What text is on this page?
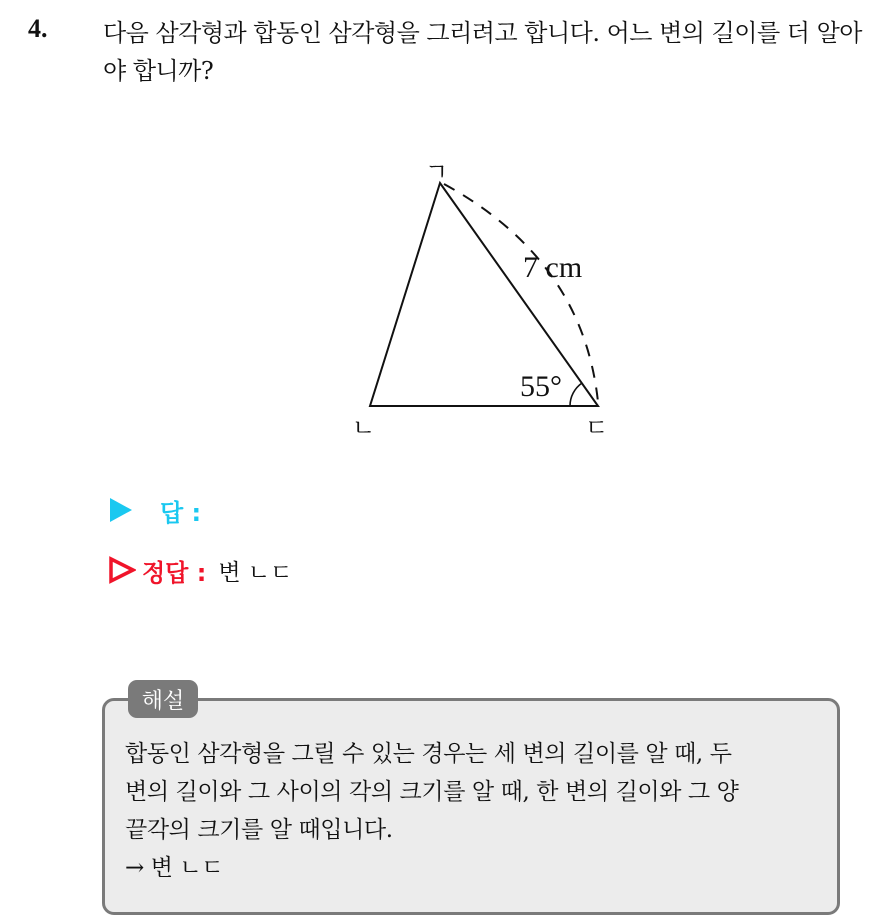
4. 다음 삼각형과 합동인 삼각형을 그리려고 합니다. 어느 변의 길이를 더 알아야 합니까?
ㄱ
ㄴ	ㄷ
7 cm
55°
답 :
정답 : 변 ㄴㄷ
해설
합동인 삼각형을 그릴 수 있는 경우는 세 변의 길이를 알 때, 두
변의 길이와 그 사이의 각의 크기를 알 때, 한 변의 길이와 그 양
끝각의 크기를 알 때입니다.
→ 변 ㄴㄷ
